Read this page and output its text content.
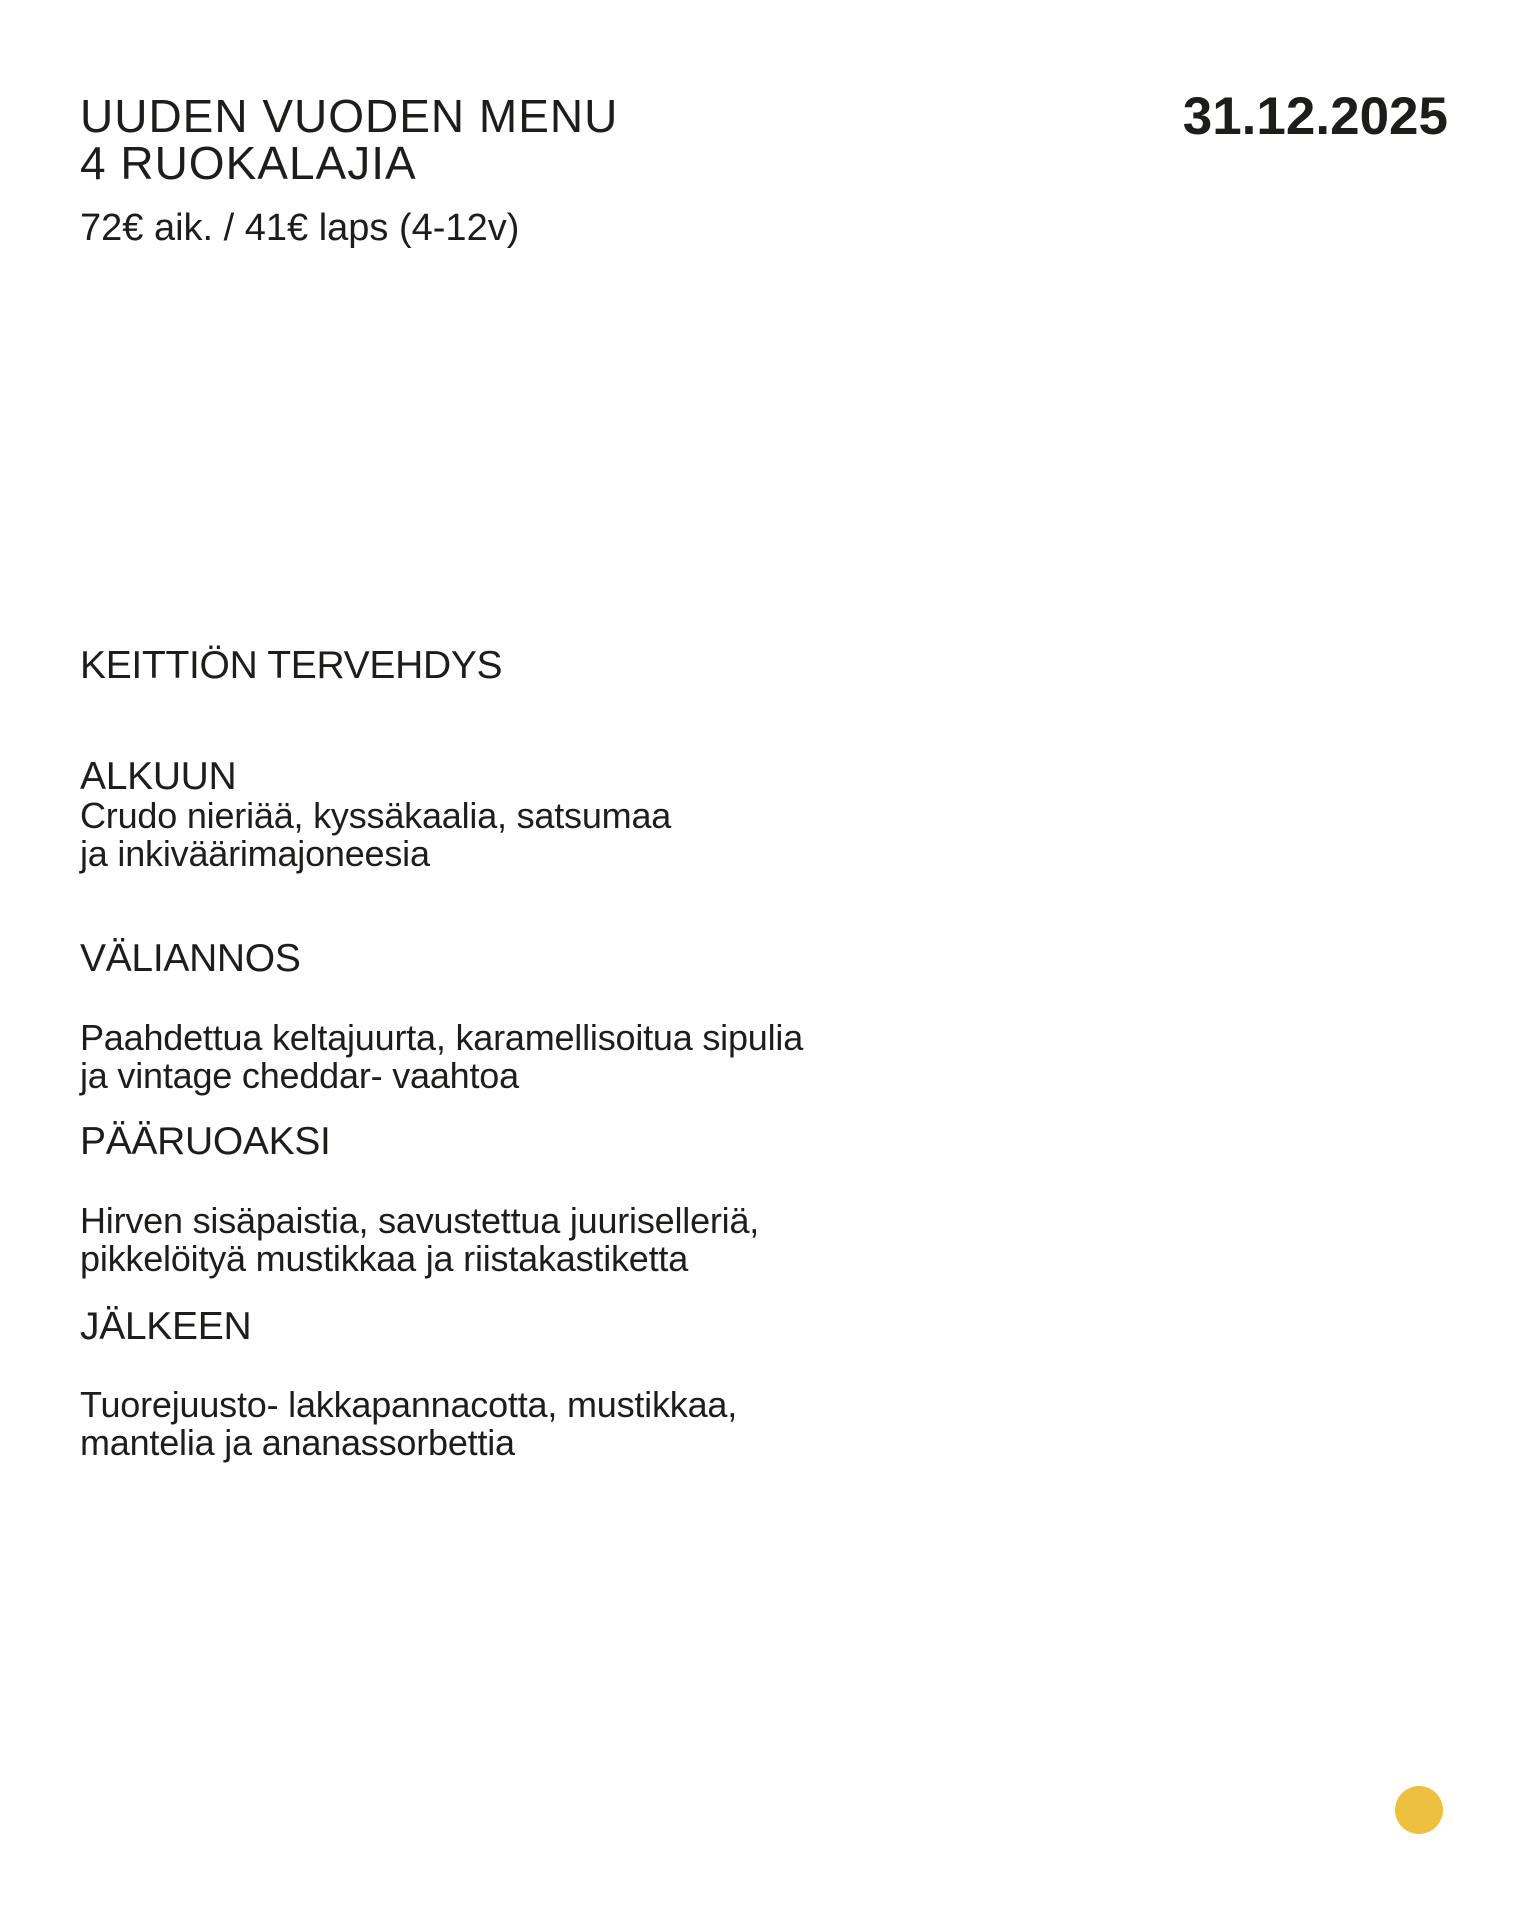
UUDEN VUODEN MENU
4 RUOKALAJIA
31.12.2025
72€ aik. / 41€ laps (4-12v)
KEITTIÖN TERVEHDYS
ALKUUN
Crudo nieriää, kyssäkaalia, satsumaa
ja inkiväärimajoneesia
VÄLIANNOS
Paahdettua keltajuurta, karamellisoitua sipulia
ja vintage cheddar- vaahtoa
PÄÄRUOAKSI
Hirven sisäpaistia, savustettua juuriselleriä,
pikkelöityä mustikkaa ja riistakastiketta
JÄLKEEN
Tuorejuusto- lakkapannacotta, mustikkaa,
mantelia ja ananassorbettia
